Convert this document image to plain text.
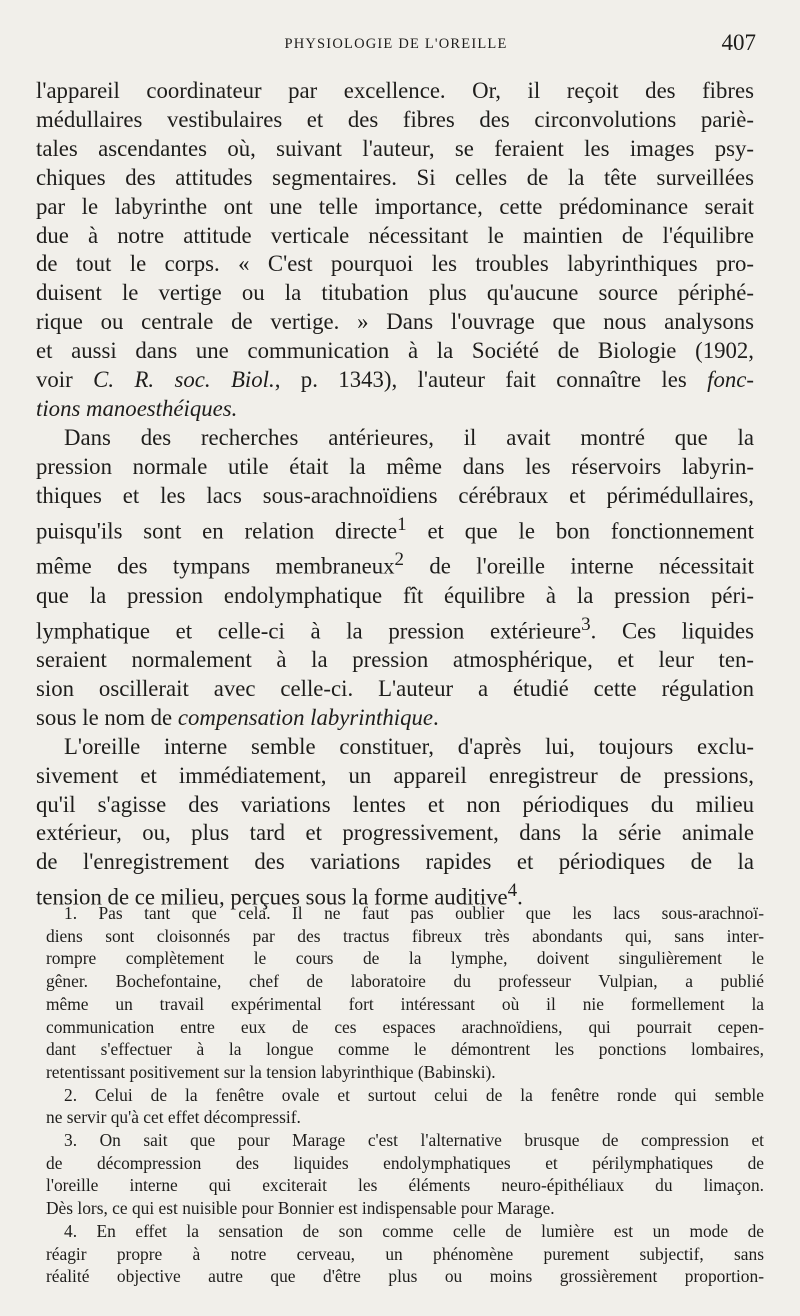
PHYSIOLOGIE DE L'OREILLE	407
l'appareil coordinateur par excellence. Or, il reçoit des fibres
médullaires vestibulaires et des fibres des circonvolutions pariè-
tales ascendantes où, suivant l'auteur, se feraient les images psy-
chiques des attitudes segmentaires. Si celles de la tête surveillées
par le labyrinthe ont une telle importance, cette prédominance serait
due à notre attitude verticale nécessitant le maintien de l'équilibre
de tout le corps. « C'est pourquoi les troubles labyrinthiques pro-
duisent le vertige ou la titubation plus qu'aucune source périphé-
rique ou centrale de vertige. » Dans l'ouvrage que nous analysons
et aussi dans une communication à la Société de Biologie (1902,
voir C. R. soc. Biol., p. 1343), l'auteur fait connaître les fonc-
tions manoesthéiques.
Dans des recherches antérieures, il avait montré que la
pression normale utile était la même dans les réservoirs labyrin-
thiques et les lacs sous-arachnoïdiens cérébraux et périmédullaires,
puisqu'ils sont en relation directe$^1$ et que le bon fonctionnement
même des tympans membraneux$^2$ de l'oreille interne nécessitait
que la pression endolymphatique fît équilibre à la pression péri-
lymphatique et celle-ci à la pression extérieure$^3$. Ces liquides
seraient normalement à la pression atmosphérique, et leur ten-
sion oscillerait avec celle-ci. L'auteur a étudié cette régulation
sous le nom de compensation labyrinthique.
L'oreille interne semble constituer, d'après lui, toujours exclu-
sivement et immédiatement, un appareil enregistreur de pressions,
qu'il s'agisse des variations lentes et non périodiques du milieu
extérieur, ou, plus tard et progressivement, dans la série animale
de l'enregistrement des variations rapides et périodiques de la
tension de ce milieu, perçues sous la forme auditive$^4$.
1. Pas tant que cela. Il ne faut pas oublier que les lacs sous-arachnoï-
diens sont cloisonnés par des tractus fibreux très abondants qui, sans inter-
rompre complètement le cours de la lymphe, doivent singulièrement le
gêner. Bochefontaine, chef de laboratoire du professeur Vulpian, a publié
même un travail expérimental fort intéressant où il nie formellement la
communication entre eux de ces espaces arachnoïdiens, qui pourrait cepen-
dant s'effectuer à la longue comme le démontrent les ponctions lombaires,
retentissant positivement sur la tension labyrinthique (Babinski).
2. Celui de la fenêtre ovale et surtout celui de la fenêtre ronde qui semble
ne servir qu'à cet effet décompressif.
3. On sait que pour Marage c'est l'alternative brusque de compression et
de décompression des liquides endolymphatiques et périlymphatiques de
l'oreille interne qui exciterait les éléments neuro-épithéliaux du limaçon.
Dès lors, ce qui est nuisible pour Bonnier est indispensable pour Marage.
4. En effet la sensation de son comme celle de lumière est un mode de
réagir propre à notre cerveau, un phénomène purement subjectif, sans
réalité objective autre que d'être plus ou moins grossièrement proportion-
